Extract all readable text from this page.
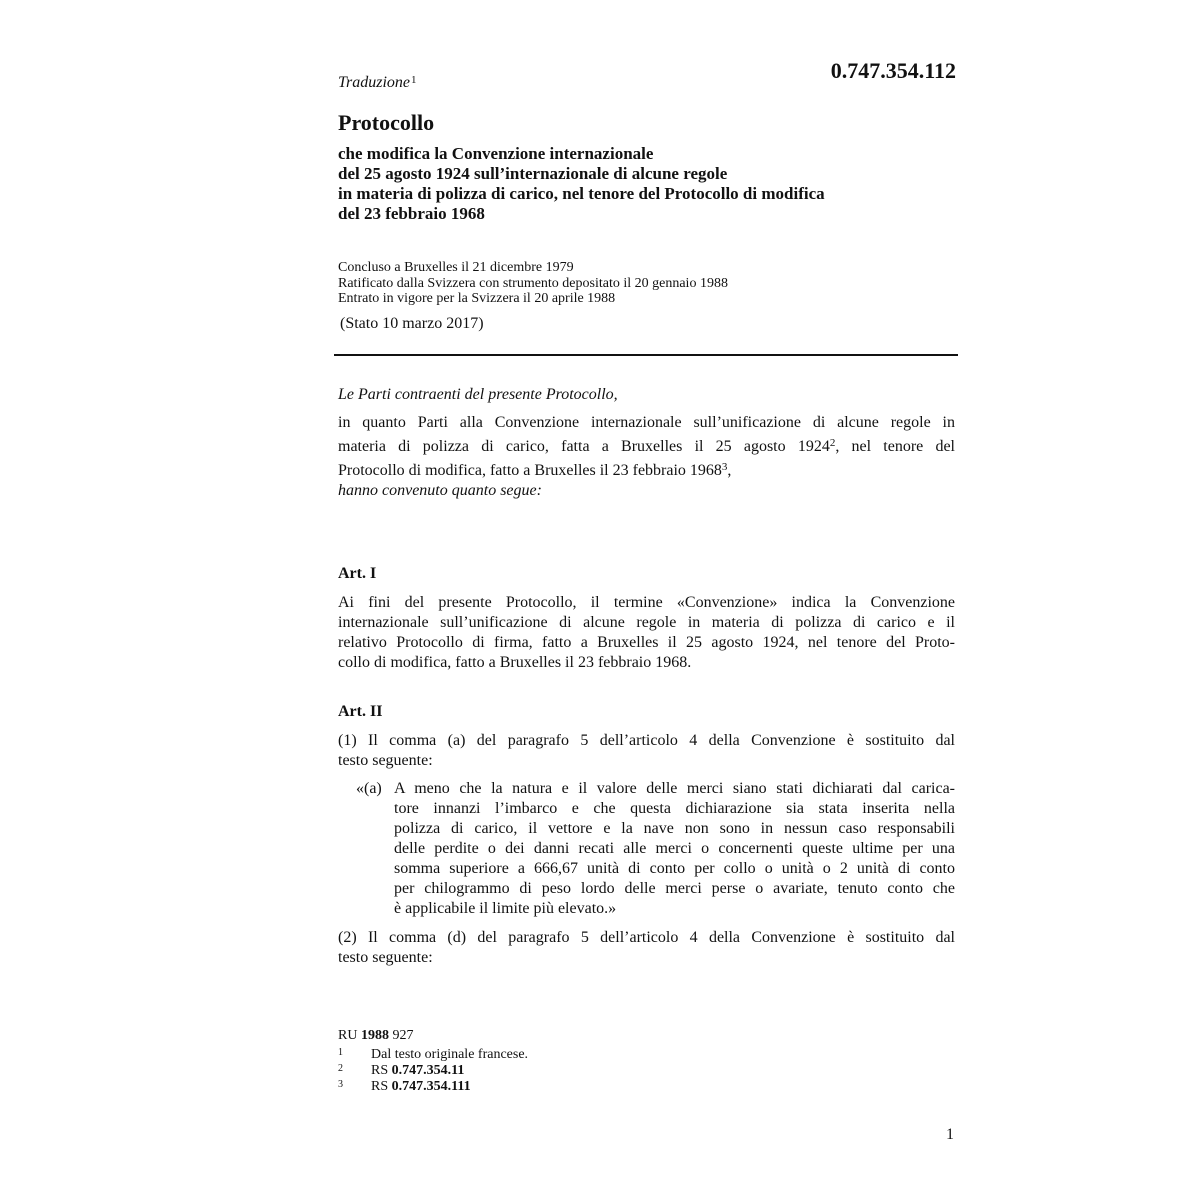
0.747.354.112
Traduzione$^1$
Protocollo
che modifica la Convenzione internazionale
del 25 agosto 1924 sull’internazionale di alcune regole
in materia di polizza di carico, nel tenore del Protocollo di modifica
del 23 febbraio 1968
Concluso a Bruxelles il 21 dicembre 1979
Ratificato dalla Svizzera con strumento depositato il 20 gennaio 1988
Entrato in vigore per la Svizzera il 20 aprile 1988
(Stato 10 marzo 2017)
Le Parti contraenti del presente Protocollo,
in quanto Parti alla Convenzione internazionale sull’unificazione di alcune regole in
materia di polizza di carico, fatta a Bruxelles il 25 agosto 1924$^2$, nel tenore del
Protocollo di modifica, fatto a Bruxelles il 23 febbraio 1968$^3$,
hanno convenuto quanto segue:
Art. I
Ai fini del presente Protocollo, il termine «Convenzione» indica la Convenzione
internazionale sull’unificazione di alcune regole in materia di polizza di carico e il
relativo Protocollo di firma, fatto a Bruxelles il 25 agosto 1924, nel tenore del Proto-
collo di modifica, fatto a Bruxelles il 23 febbraio 1968.
Art. II
(1) Il comma (a) del paragrafo 5 dell’articolo 4 della Convenzione è sostituito dal
testo seguente:
«(a) A meno che la natura e il valore delle merci siano stati dichiarati dal carica-
tore innanzi l’imbarco e che questa dichiarazione sia stata inserita nella
polizza di carico, il vettore e la nave non sono in nessun caso responsabili
delle perdite o dei danni recati alle merci o concernenti queste ultime per una
somma superiore a 666,67 unità di conto per collo o unità o 2 unità di conto
per chilogrammo di peso lordo delle merci perse o avariate, tenuto conto che
è applicabile il limite più elevato.»
(2) Il comma (d) del paragrafo 5 dell’articolo 4 della Convenzione è sostituito dal
testo seguente:
RU 1988 927
1	Dal testo originale francese.
2	RS
0.747.354.11
3	RS
0.747.354.111
1
